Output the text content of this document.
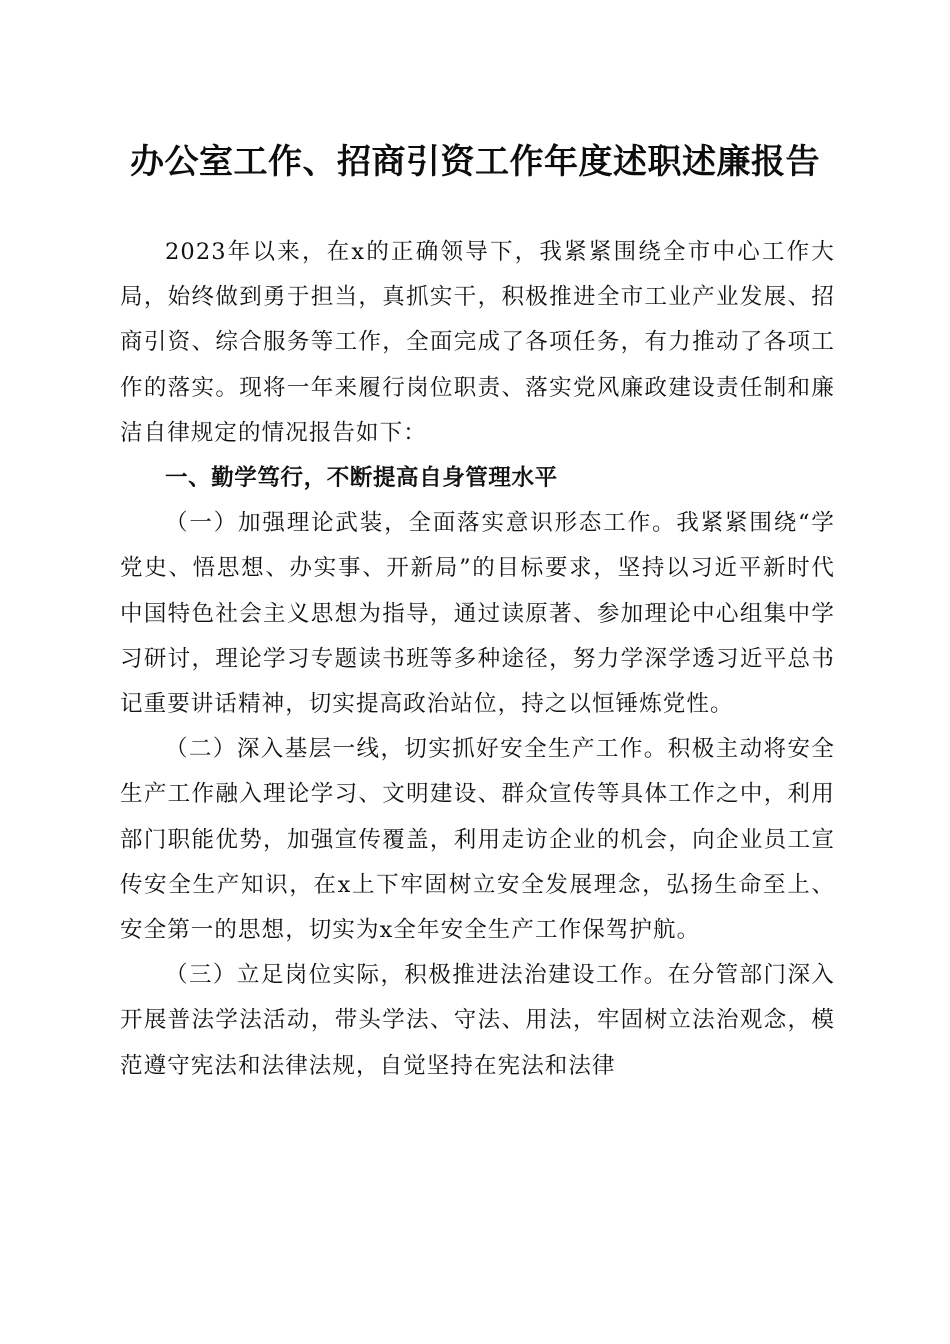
办公室工作、招商引资工作年度述职述廉报告

2023年以来，在x的正确领导下，我紧紧围绕全市中心工作大局，始终做到勇于担当，真抓实干，积极推进全市工业产业发展、招商引资、综合服务等工作，全面完成了各项任务，有力推动了各项工作的落实。现将一年来履行岗位职责、落实党风廉政建设责任制和廉洁自律规定的情况报告如下：

一、勤学笃行，不断提高自身管理水平

（一）加强理论武装，全面落实意识形态工作。我紧紧围绕“学党史、悟思想、办实事、开新局”的目标要求，坚持以习近平新时代中国特色社会主义思想为指导，通过读原著、参加理论中心组集中学习研讨，理论学习专题读书班等多种途径，努力学深学透习近平总书记重要讲话精神，切实提高政治站位，持之以恒锤炼党性。

（二）深入基层一线，切实抓好安全生产工作。积极主动将安全生产工作融入理论学习、文明建设、群众宣传等具体工作之中，利用部门职能优势，加强宣传覆盖，利用走访企业的机会，向企业员工宣传安全生产知识，在x上下牢固树立安全发展理念，弘扬生命至上、安全第一的思想，切实为x全年安全生产工作保驾护航。

（三）立足岗位实际，积极推进法治建设工作。在分管部门深入开展普法学法活动，带头学法、守法、用法，牢固树立法治观念，模范遵守宪法和法律法规，自觉坚持在宪法和法律
